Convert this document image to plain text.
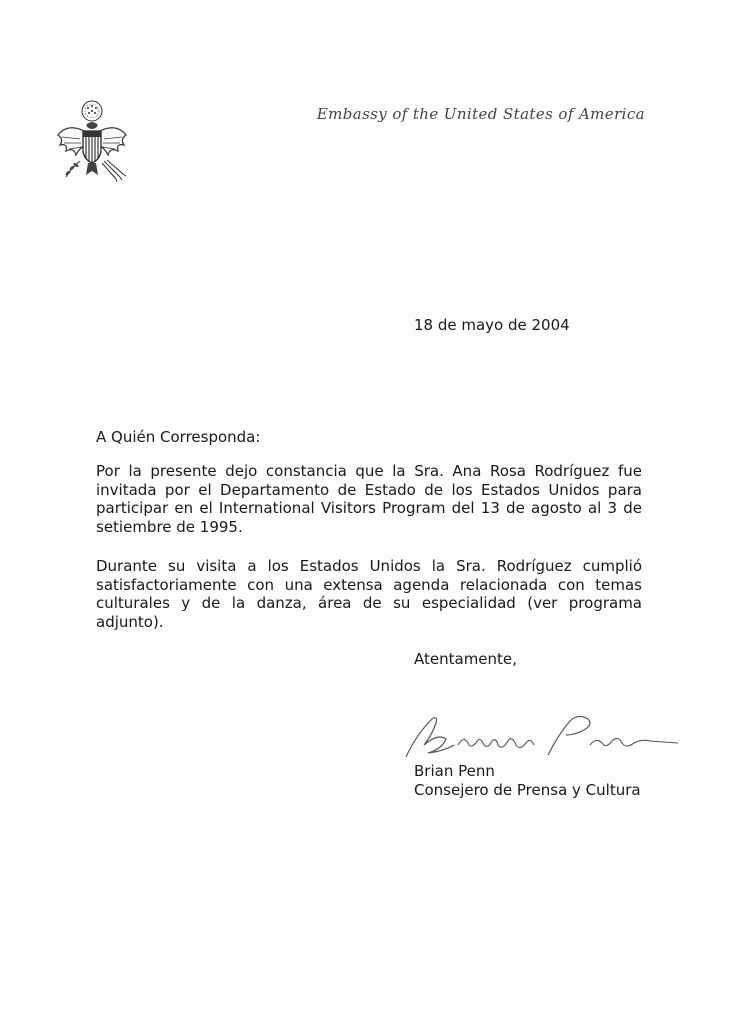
Embassy of the United States of America
18 de mayo de 2004
A Quién Corresponda:

Por la presente dejo constancia que la Sra. Ana Rosa Rodríguez fue invitada por el Departamento de Estado de los Estados Unidos para participar en el International Visitors Program del 13 de agosto al 3 de setiembre de 1995.

Durante su visita a los Estados Unidos la Sra. Rodríguez cumplió satisfactoriamente con una extensa agenda relacionada con temas culturales y de la danza, área de su especialidad (ver programa adjunto).

Atentamente,
Brian Penn
Consejero de Prensa y Cultura
